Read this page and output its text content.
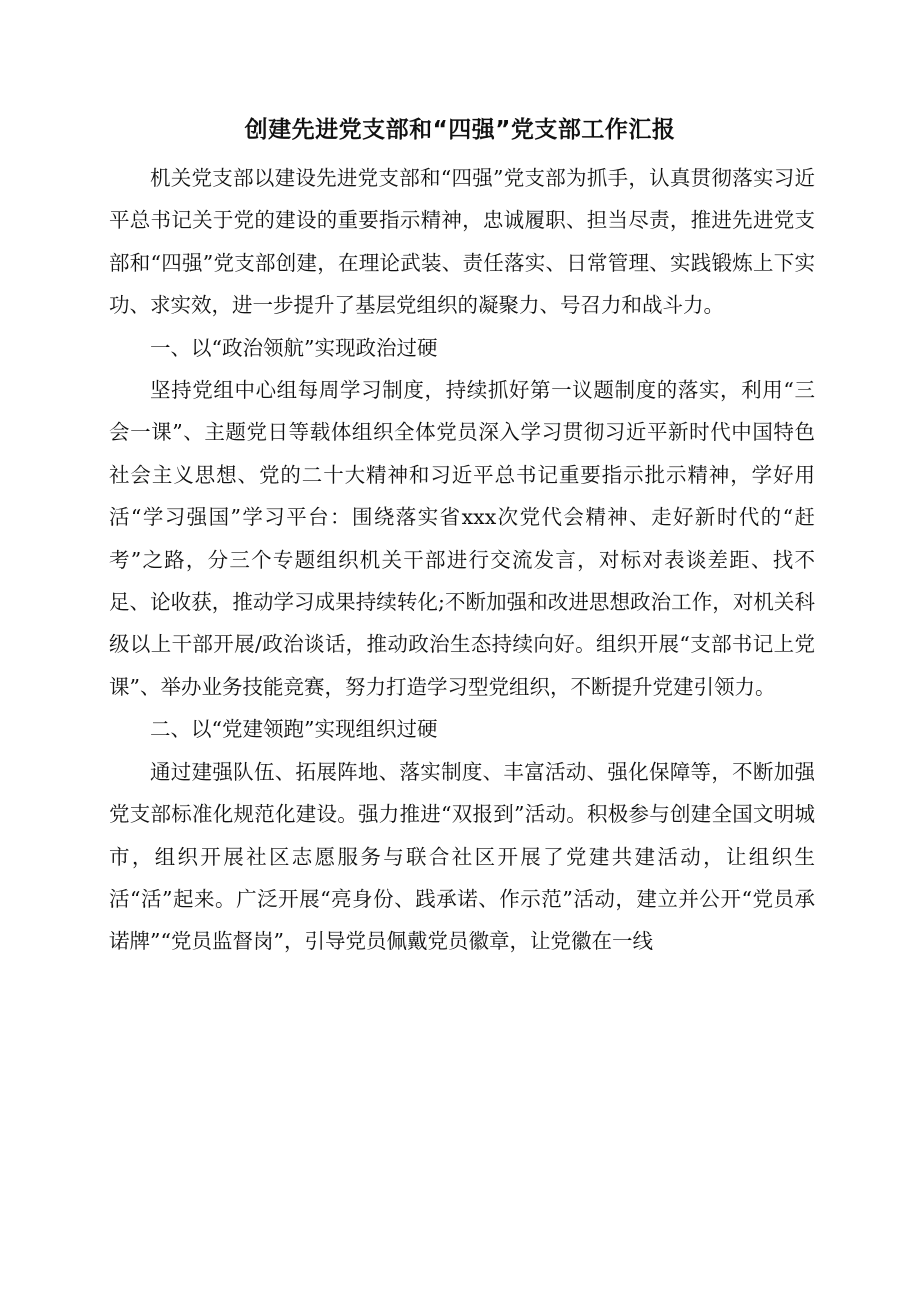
创建先进党支部和“四强”党支部工作汇报

机关党支部以建设先进党支部和“四强”党支部为抓手，认真贯彻落实习近平总书记关于党的建设的重要指示精神，忠诚履职、担当尽责，推进先进党支部和“四强”党支部创建，在理论武装、责任落实、日常管理、实践锻炼上下实功、求实效，进一步提升了基层党组织的凝聚力、号召力和战斗力。

一、以“政治领航”实现政治过硬

坚持党组中心组每周学习制度，持续抓好第一议题制度的落实，利用“三会一课”、主题党日等载体组织全体党员深入学习贯彻习近平新时代中国特色社会主义思想、党的二十大精神和习近平总书记重要指示批示精神，学好用活“学习强国”学习平台：围绕落实省xxx次党代会精神、走好新时代的“赶考”之路，分三个专题组织机关干部进行交流发言，对标对表谈差距、找不足、论收获，推动学习成果持续转化;不断加强和改进思想政治工作，对机关科级以上干部开展/政治谈话，推动政治生态持续向好。组织开展“支部书记上党课”、举办业务技能竞赛，努力打造学习型党组织，不断提升党建引领力。

二、以“党建领跑”实现组织过硬

通过建强队伍、拓展阵地、落实制度、丰富活动、强化保障等，不断加强党支部标准化规范化建设。强力推进“双报到”活动。积极参与创建全国文明城市，组织开展社区志愿服务与联合社区开展了党建共建活动，让组织生活“活”起来。广泛开展“亮身份、践承诺、作示范”活动，建立并公开“党员承诺牌”“党员监督岗”，引导党员佩戴党员徽章，让党徽在一线
